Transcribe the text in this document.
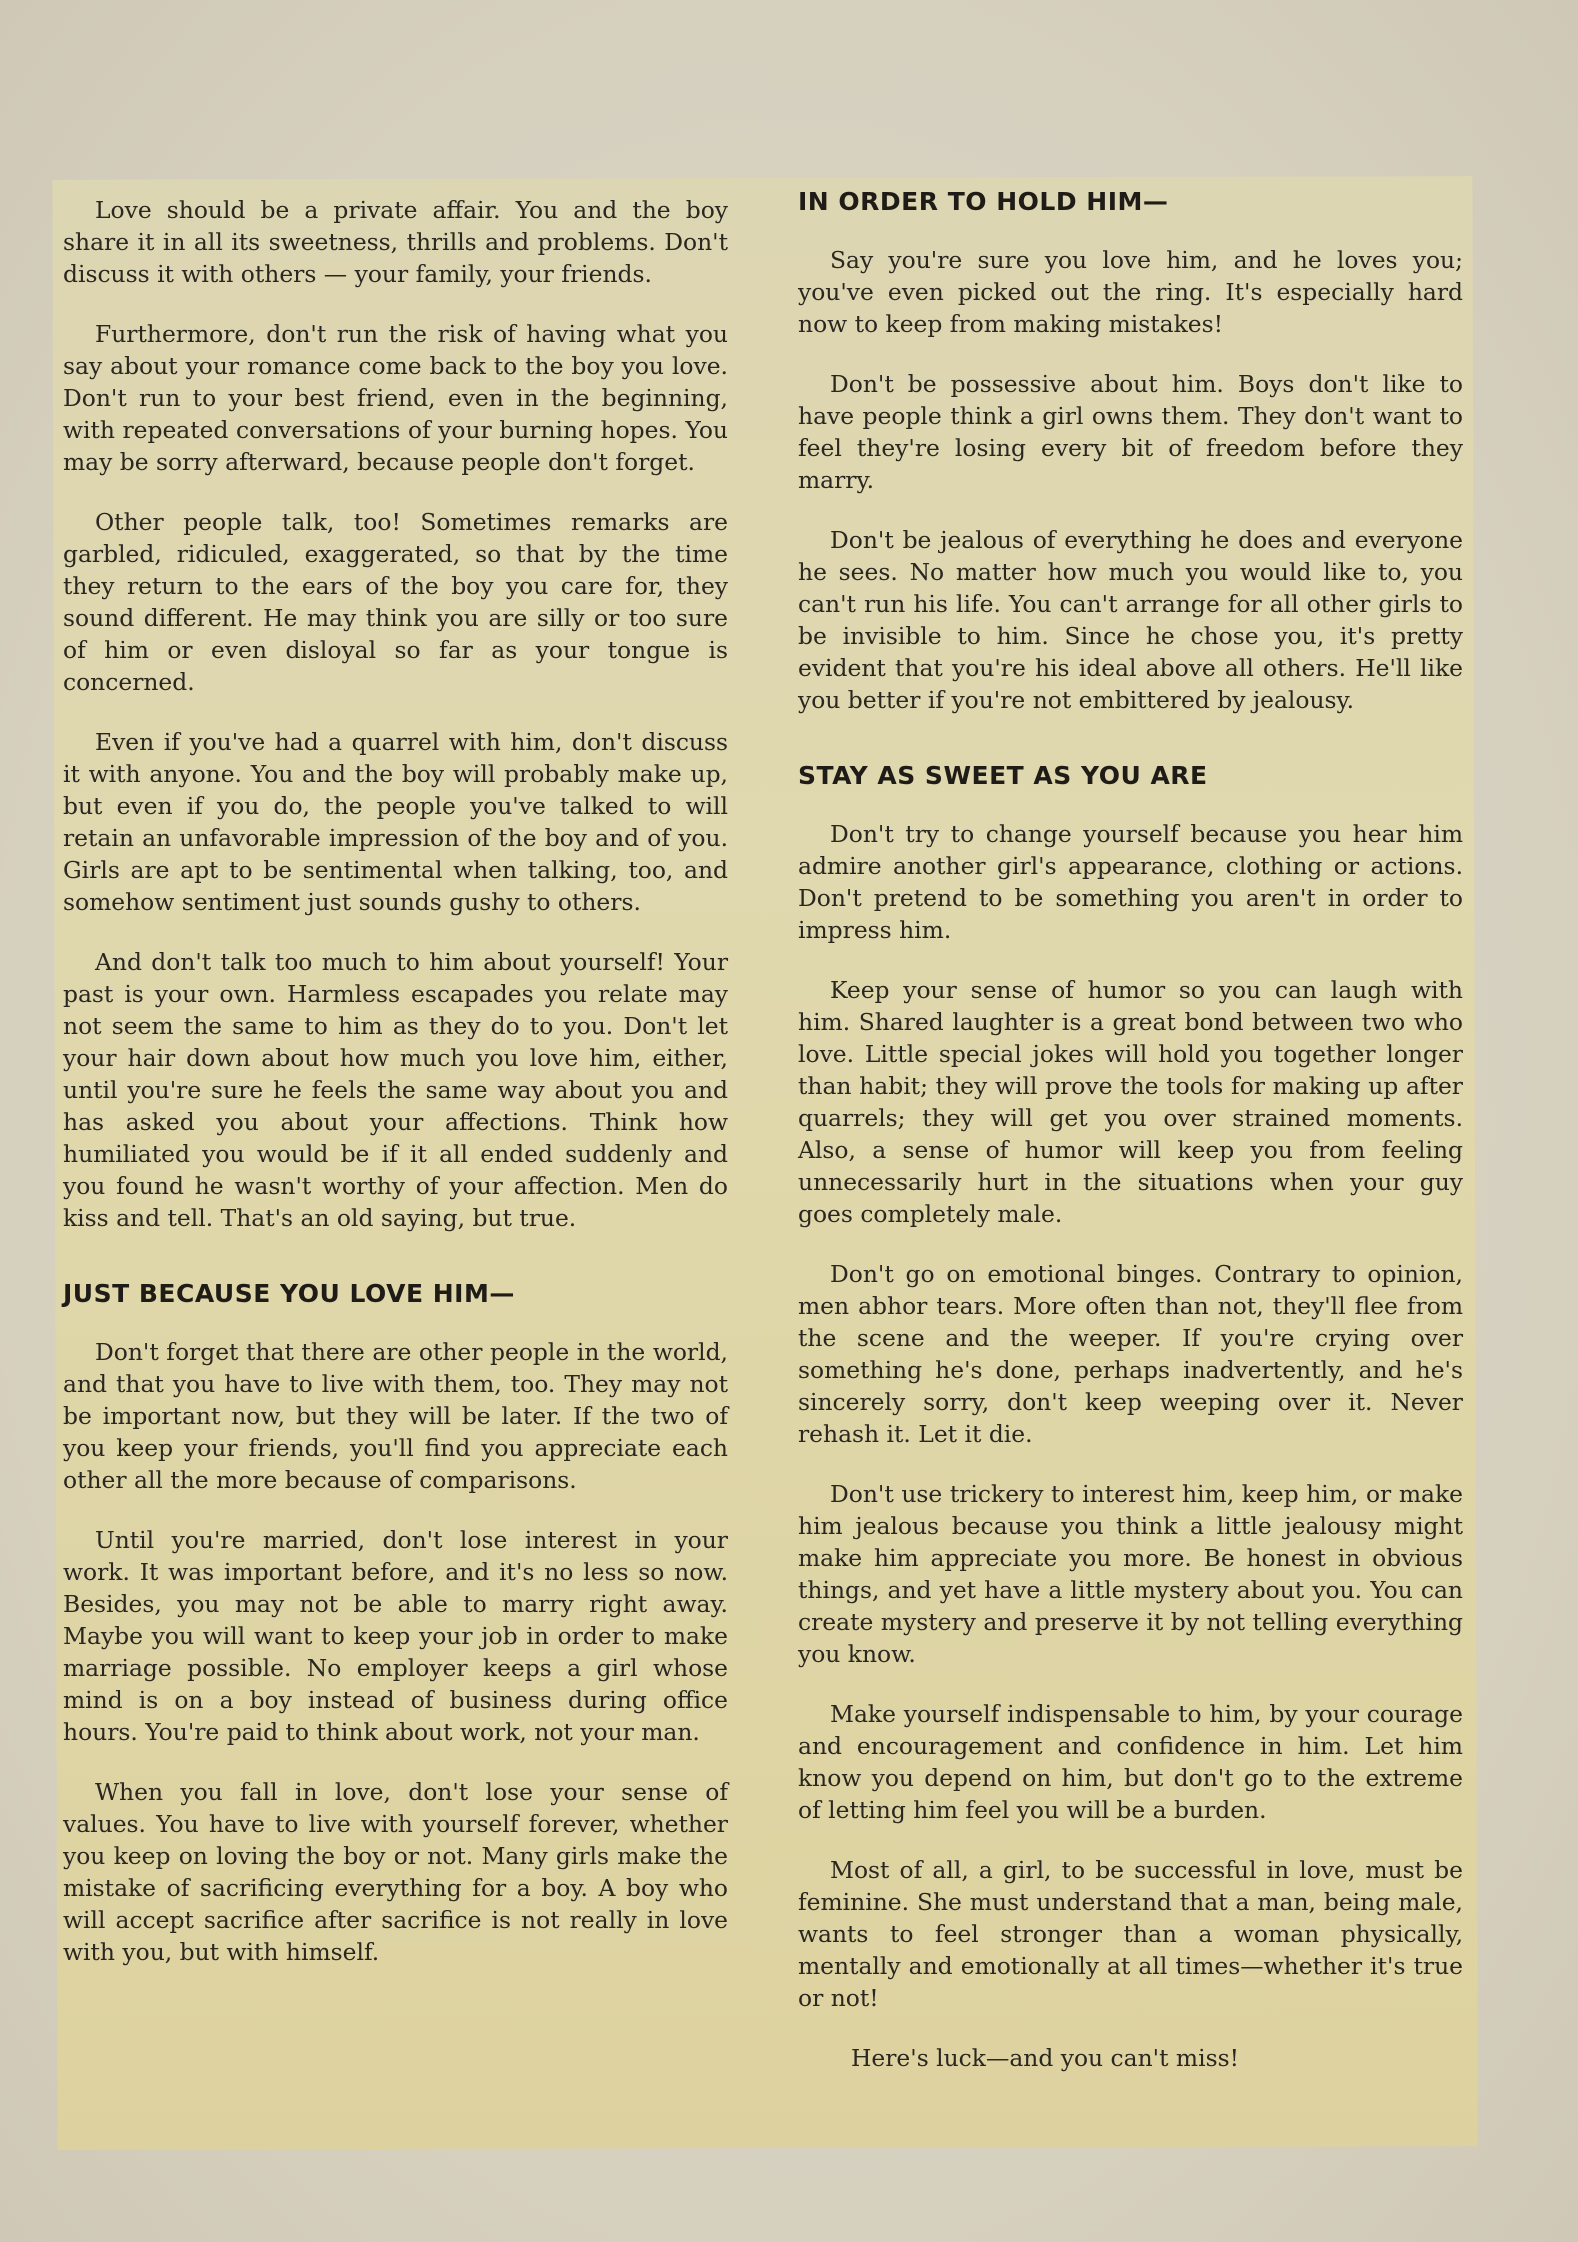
Love should be a private affair. You and the boy share it in all its sweetness, thrills and problems. Don't discuss it with others — your family, your friends.

Furthermore, don't run the risk of having what you say about your romance come back to the boy you love. Don't run to your best friend, even in the beginning, with repeated conversations of your burning hopes. You may be sorry afterward, because people don't forget.

Other people talk, too! Sometimes remarks are garbled, ridiculed, exaggerated, so that by the time they return to the ears of the boy you care for, they sound different. He may think you are silly or too sure of him or even disloyal so far as your tongue is concerned.

Even if you've had a quarrel with him, don't discuss it with anyone. You and the boy will probably make up, but even if you do, the people you've talked to will retain an unfavorable impression of the boy and of you. Girls are apt to be sentimental when talking, too, and somehow sentiment just sounds gushy to others.

And don't talk too much to him about yourself! Your past is your own. Harmless escapades you relate may not seem the same to him as they do to you. Don't let your hair down about how much you love him, either, until you're sure he feels the same way about you and has asked you about your affections. Think how humiliated you would be if it all ended suddenly and you found he wasn't worthy of your affection. Men do kiss and tell. That's an old saying, but true.

JUST BECAUSE YOU LOVE HIM—

Don't forget that there are other people in the world, and that you have to live with them, too. They may not be important now, but they will be later. If the two of you keep your friends, you'll find you appreciate each other all the more because of comparisons.

Until you're married, don't lose interest in your work. It was important before, and it's no less so now. Besides, you may not be able to marry right away. Maybe you will want to keep your job in order to make marriage possible. No employer keeps a girl whose mind is on a boy instead of business during office hours. You're paid to think about work, not your man.

When you fall in love, don't lose your sense of values. You have to live with yourself forever, whether you keep on loving the boy or not. Many girls make the mistake of sacrificing everything for a boy. A boy who will accept sacrifice after sacrifice is not really in love with you, but with himself.

IN ORDER TO HOLD HIM—

Say you're sure you love him, and he loves you; you've even picked out the ring. It's especially hard now to keep from making mistakes!

Don't be possessive about him. Boys don't like to have people think a girl owns them. They don't want to feel they're losing every bit of freedom before they marry.

Don't be jealous of everything he does and everyone he sees. No matter how much you would like to, you can't run his life. You can't arrange for all other girls to be invisible to him. Since he chose you, it's pretty evident that you're his ideal above all others. He'll like you better if you're not embittered by jealousy.

STAY AS SWEET AS YOU ARE

Don't try to change yourself because you hear him admire another girl's appearance, clothing or actions. Don't pretend to be something you aren't in order to impress him.

Keep your sense of humor so you can laugh with him. Shared laughter is a great bond between two who love. Little special jokes will hold you together longer than habit; they will prove the tools for making up after quarrels; they will get you over strained moments. Also, a sense of humor will keep you from feeling unnecessarily hurt in the situations when your guy goes completely male.

Don't go on emotional binges. Contrary to opinion, men abhor tears. More often than not, they'll flee from the scene and the weeper. If you're crying over something he's done, perhaps inadvertently, and he's sincerely sorry, don't keep weeping over it. Never rehash it. Let it die.

Don't use trickery to interest him, keep him, or make him jealous because you think a little jealousy might make him appreciate you more. Be honest in obvious things, and yet have a little mystery about you. You can create mystery and preserve it by not telling everything you know.

Make yourself indispensable to him, by your courage and encouragement and confidence in him. Let him know you depend on him, but don't go to the extreme of letting him feel you will be a burden.

Most of all, a girl, to be successful in love, must be feminine. She must understand that a man, being male, wants to feel stronger than a woman physically, mentally and emotionally at all times—whether it's true or not!

Here's luck—and you can't miss!
